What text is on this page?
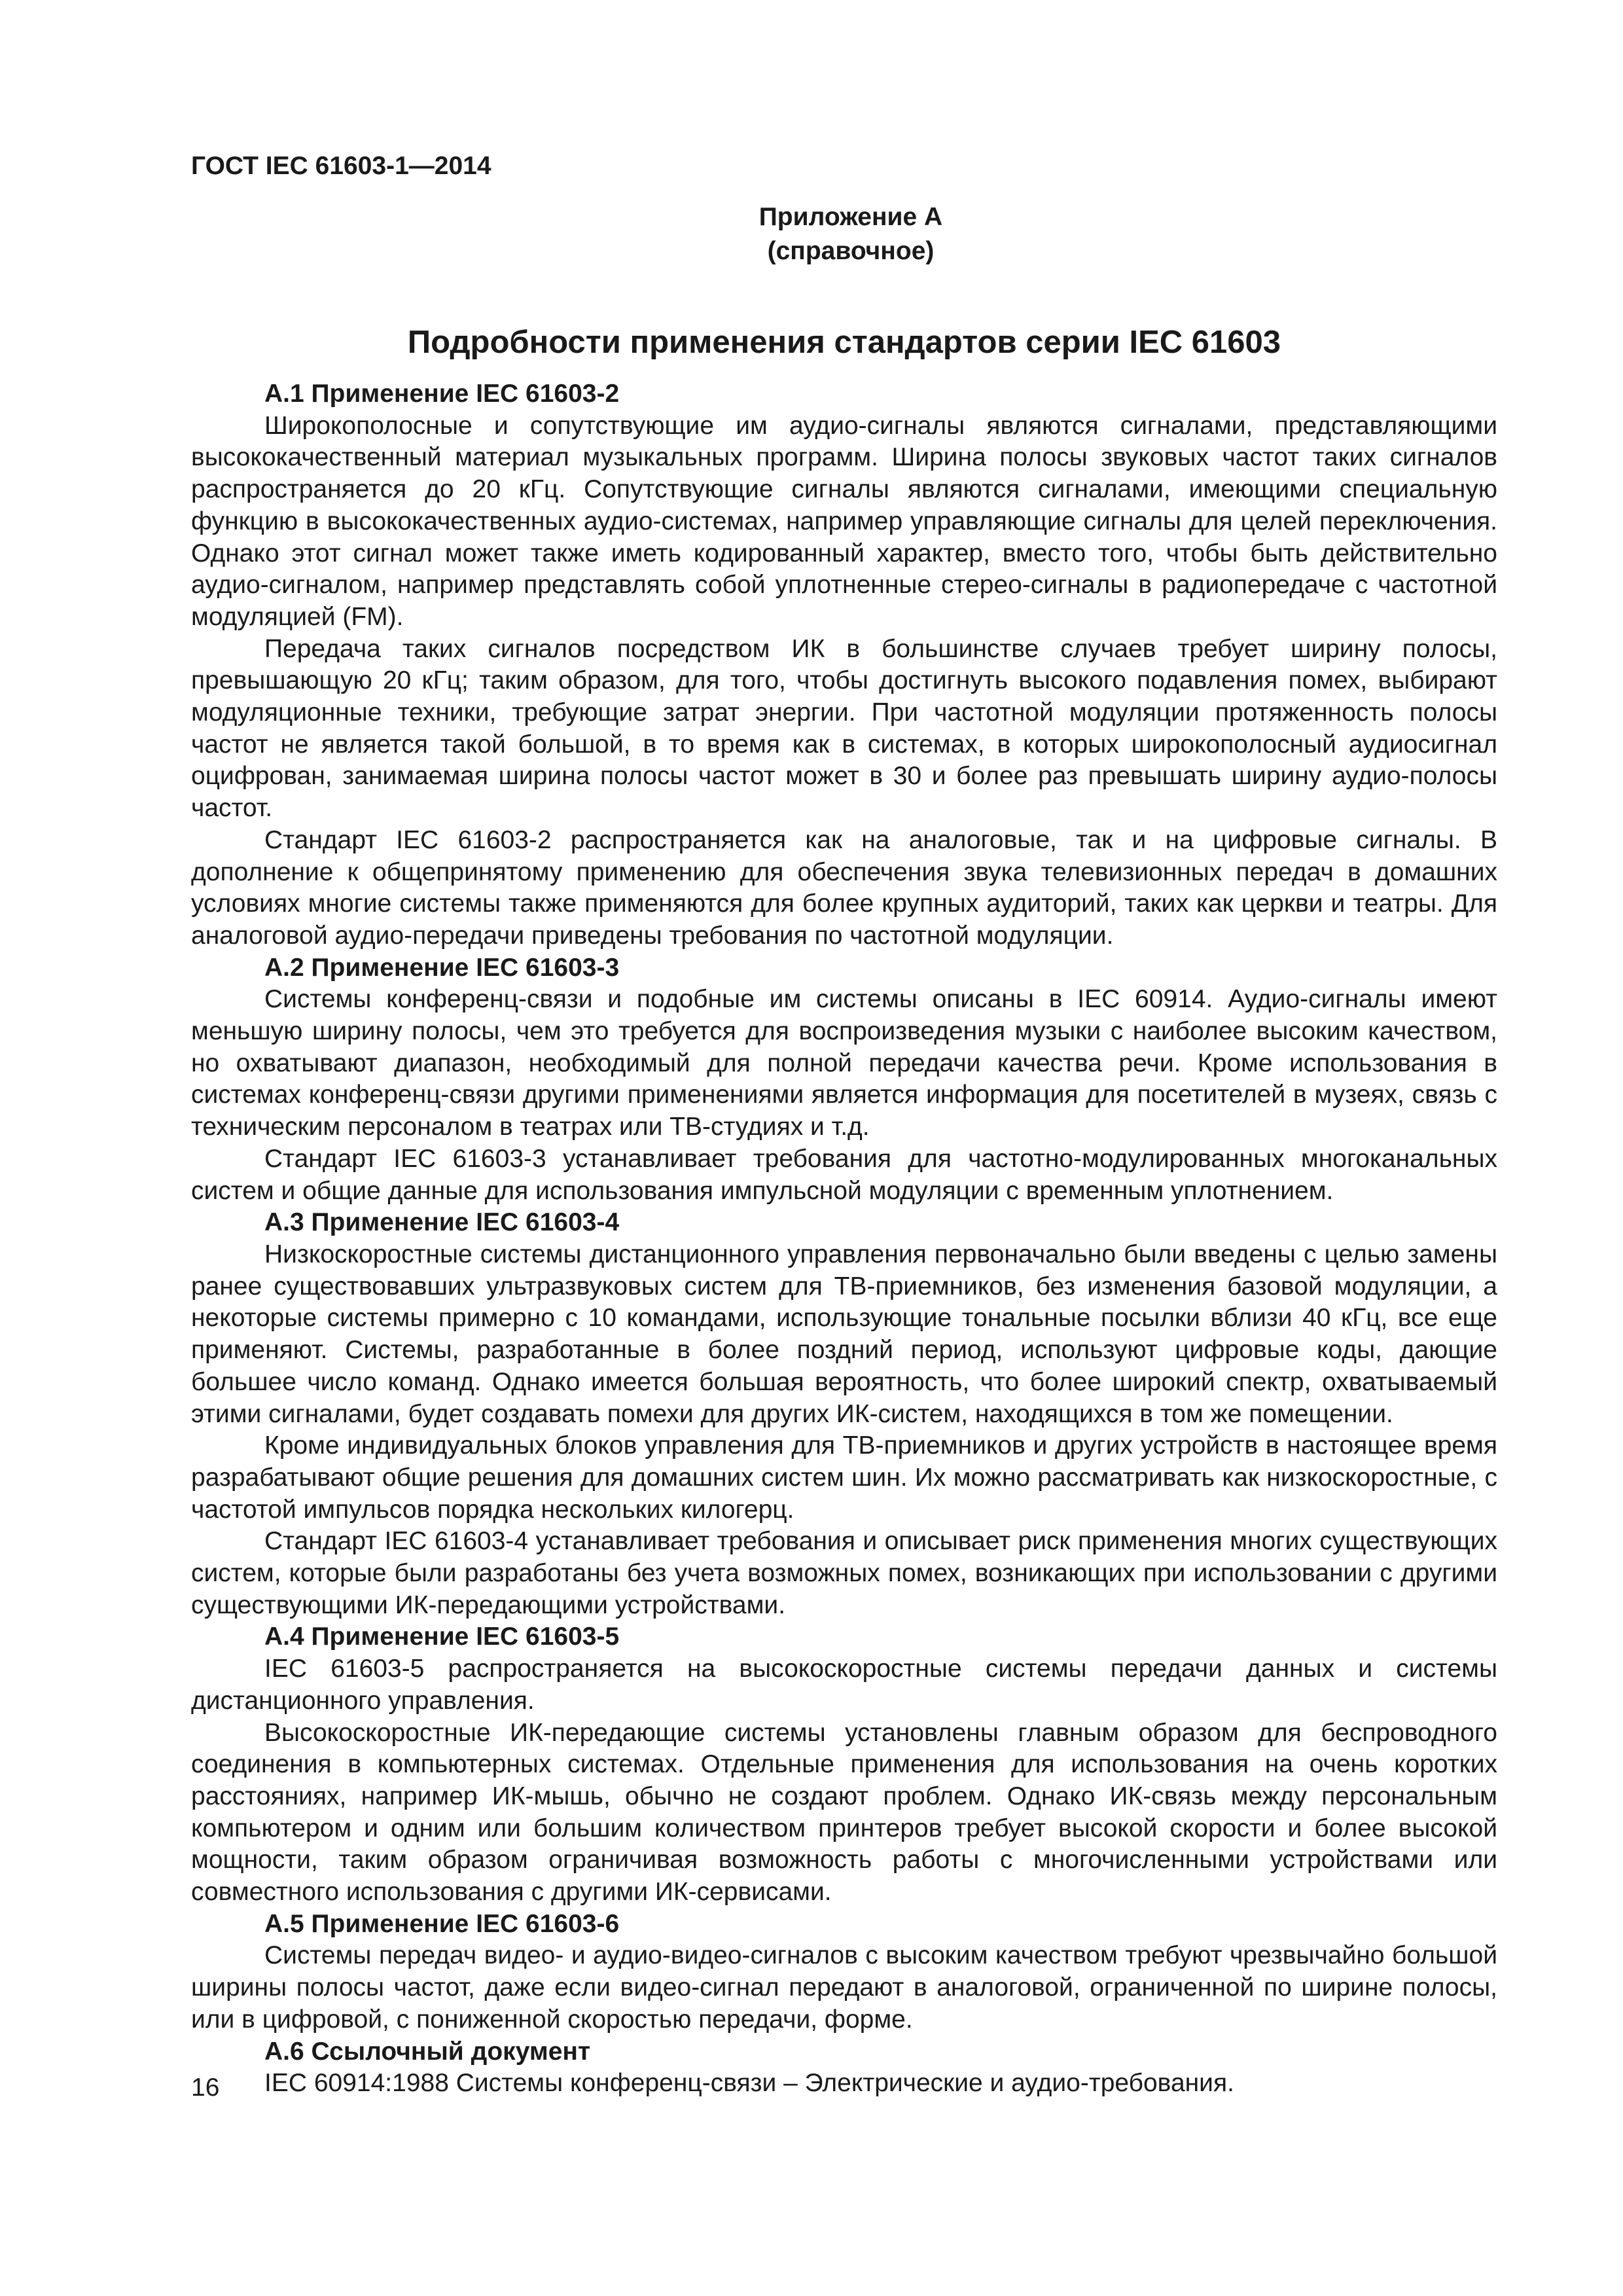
ГОСТ IEC 61603-1—2014
Приложение А
(справочное)
Подробности применения стандартов серии IEC 61603
А.1 Применение IEC 61603-2

Широкополосные и сопутствующие им аудио-сигналы являются сигналами, представляющими высококачественный материал музыкальных программ. Ширина полосы звуковых частот таких сигналов распространяется до 20 кГц. Сопутствующие сигналы являются сигналами, имеющими специальную функцию в высококачественных аудио-системах, например управляющие сигналы для целей переключения. Однако этот сигнал может также иметь кодированный характер, вместо того, чтобы быть действительно аудио-сигналом, например представлять собой уплотненные стерео-сигналы в радиопередаче с частотной модуляцией (FM).

Передача таких сигналов посредством ИК в большинстве случаев требует ширину полосы, превышающую 20 кГц; таким образом, для того, чтобы достигнуть высокого подавления помех, выбирают модуляционные техники, требующие затрат энергии. При частотной модуляции протяженность полосы частот не является такой большой, в то время как в системах, в которых широкополосный аудиосигнал оцифрован, занимаемая ширина полосы частот может в 30 и более раз превышать ширину аудио-полосы частот.

Стандарт IEC 61603-2 распространяется как на аналоговые, так и на цифровые сигналы. В дополнение к общепринятому применению для обеспечения звука телевизионных передач в домашних условиях многие системы также применяются для более крупных аудиторий, таких как церкви и театры. Для аналоговой аудио-передачи приведены требования по частотной модуляции.

А.2 Применение IEC 61603-3

Системы конференц-связи и подобные им системы описаны в IEC 60914. Аудио-сигналы имеют меньшую ширину полосы, чем это требуется для воспроизведения музыки с наиболее высоким качеством, но охватывают диапазон, необходимый для полной передачи качества речи. Кроме использования в системах конференц-связи другими применениями является информация для посетителей в музеях, связь с техническим персоналом в театрах или ТВ-студиях и т.д.

Стандарт IEC 61603-3 устанавливает требования для частотно-модулированных многоканальных систем и общие данные для использования импульсной модуляции с временным уплотнением.

А.3 Применение IEC 61603-4

Низкоскоростные системы дистанционного управления первоначально были введены с целью замены ранее существовавших ультразвуковых систем для ТВ-приемников, без изменения базовой модуляции, а некоторые системы примерно с 10 командами, использующие тональные посылки вблизи 40 кГц, все еще применяют. Системы, разработанные в более поздний период, используют цифровые коды, дающие большее число команд. Однако имеется большая вероятность, что более широкий спектр, охватываемый этими сигналами, будет создавать помехи для других ИК-систем, находящихся в том же помещении.

Кроме индивидуальных блоков управления для ТВ-приемников и других устройств в настоящее время разрабатывают общие решения для домашних систем шин. Их можно рассматривать как низкоскоростные, с частотой импульсов порядка нескольких килогерц.

Стандарт IEC 61603-4 устанавливает требования и описывает риск применения многих существующих систем, которые были разработаны без учета возможных помех, возникающих при использовании с другими существующими ИК-передающими устройствами.

А.4 Применение IEC 61603-5

IEC 61603-5 распространяется на высокоскоростные системы передачи данных и системы дистанционного управления.

Высокоскоростные ИК-передающие системы установлены главным образом для беспроводного соединения в компьютерных системах. Отдельные применения для использования на очень коротких расстояниях, например ИК-мышь, обычно не создают проблем. Однако ИК-связь между персональным компьютером и одним или большим количеством принтеров требует высокой скорости и более высокой мощности, таким образом ограничивая возможность работы с многочисленными устройствами или совместного использования с другими ИК-сервисами.

А.5 Применение IEC 61603-6

Системы передач видео- и аудио-видео-сигналов с высоким качеством требуют чрезвычайно большой ширины полосы частот, даже если видео-сигнал передают в аналоговой, ограниченной по ширине полосы, или в цифровой, с пониженной скоростью передачи, форме.

А.6 Ссылочный документ

IEC 60914:1988 Системы конференц-связи – Электрические и аудио-требования.

16
